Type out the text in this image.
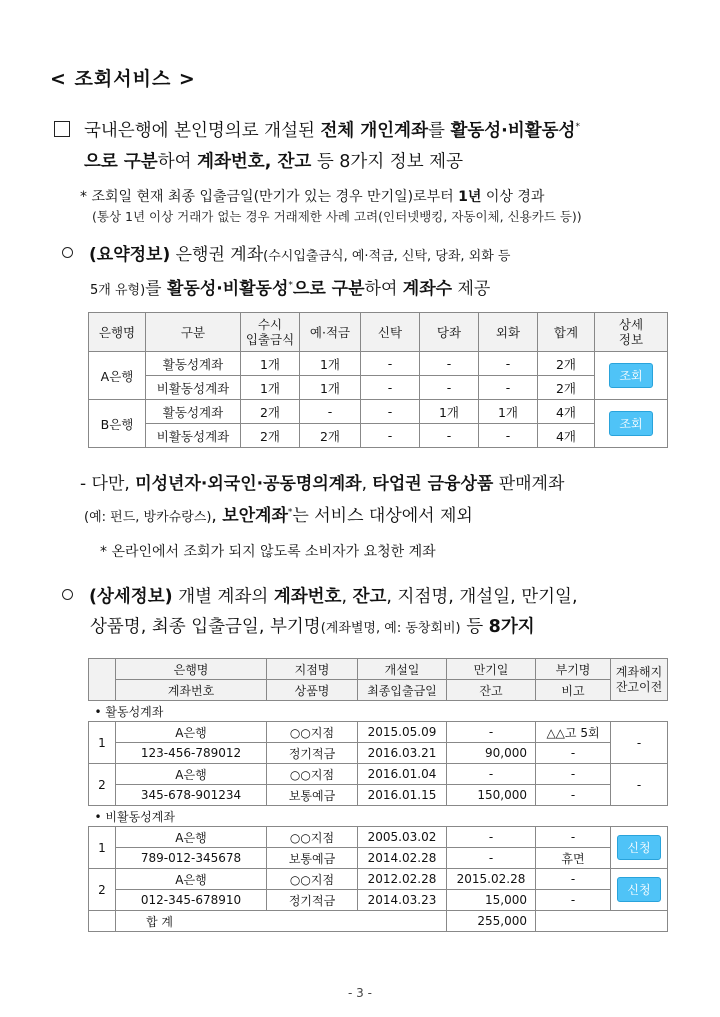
< 조회서비스 >
국내은행에 본인명의로 개설된 전체 개인계좌를 활동성·비활동성*
으로 구분하여 계좌번호, 잔고 등 8가지 정보 제공
* 조회일 현재 최종 입출금일(만기가 있는 경우 만기일)로부터 1년 이상 경과
(통상 1년 이상 거래가 없는 경우 거래제한 사례 고려(인터넷뱅킹, 자동이체, 신용카드 등))
(요약정보) 은행권 계좌(수시입출금식, 예·적금, 신탁, 당좌, 외화 등
5개 유형)를 활동성·비활동성*으로 구분하여 계좌수 제공
은행명	구분	수시
입출금식	예·적금	신탁	당좌	외화	합계	상세
정보
A은행	활동성계좌	1개	1개	-	-	-	2개	조회
	비활동성계좌	1개	1개	-	-	-	2개	
B은행	활동성계좌	2개	-	-	1개	1개	4개	조회
	비활동성계좌	2개	2개	-	-	-	4개	
- 다만, 미성년자·외국인·공동명의계좌, 타업권 금융상품 판매계좌
(예: 펀드, 방카슈랑스), 보안계좌*는 서비스 대상에서 제외
* 온라인에서 조회가 되지 않도록 소비자가 요청한 계좌
(상세정보) 개별 계좌의 계좌번호, 잔고, 지점명, 개설일, 만기일,
상품명, 최종 입출금일, 부기명(계좌별명, 예: 동창회비) 등 8가지
	은행명	지점명	개설일	만기일	부기명	계좌해지
잔고이전
	계좌번호	상품명	최종입출금일	잔고	비고	
• 활동성계좌						
1	A은행	○○지점	2015.05.09	-	△△고 5회	-
	123-456-789012	정기적금	2016.03.21	90,000	-	
2	A은행	○○지점	2016.01.04	-	-	-
	345-678-901234	보통예금	2016.01.15	150,000	-	
• 비활동성계좌						
1	A은행	○○지점	2005.03.02	-	-	신청
	789-012-345678	보통예금	2014.02.28	-	휴면	
2	A은행	○○지점	2012.02.28	2015.02.28	-	신청
	012-345-678910	정기적금	2014.03.23	15,000	-	
	합 계			255,000		
- 3 -
